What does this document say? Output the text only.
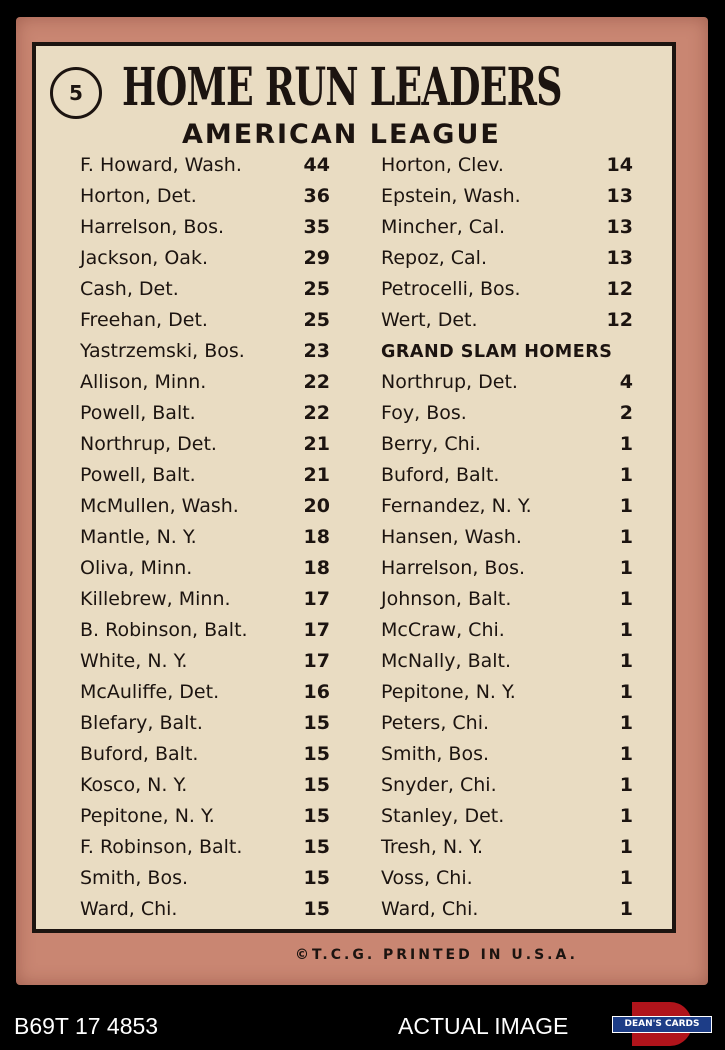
5 HOME RUN LEADERS
AMERICAN LEAGUE
F. Howard, Wash.	44
Horton, Det.	36
Harrelson, Bos.	35
Jackson, Oak.	29
Cash, Det.	25
Freehan, Det.	25
Yastrzemski, Bos.	23
Allison, Minn.	22
Powell, Balt.	22
Northrup, Det.	21
Powell, Balt.	21
McMullen, Wash.	20
Mantle, N. Y.	18
Oliva, Minn.	18
Killebrew, Minn.	17
B. Robinson, Balt.	17
White, N. Y.	17
McAuliffe, Det.	16
Blefary, Balt.	15
Buford, Balt.	15
Kosco, N. Y.	15
Pepitone, N. Y.	15
F. Robinson, Balt.	15
Smith, Bos.	15
Ward, Chi.	15
Horton, Clev.	14
Epstein, Wash.	13
Mincher, Cal.	13
Repoz, Cal.	13
Petrocelli, Bos.	12
Wert, Det.	12
GRAND SLAM HOMERS
Northrup, Det.	4
Foy, Bos.	2
Berry, Chi.	1
Buford, Balt.	1
Fernandez, N. Y.	1
Hansen, Wash.	1
Harrelson, Bos.	1
Johnson, Balt.	1
McCraw, Chi.	1
McNally, Balt.	1
Pepitone, N. Y.	1
Peters, Chi.	1
Smith, Bos.	1
Snyder, Chi.	1
Stanley, Det.	1
Tresh, N. Y.	1
Voss, Chi.	1
Ward, Chi.	1
©T.C.G. PRINTED IN U.S.A.
B69T 17 4853	ACTUAL IMAGE	DEAN'S CARDS
